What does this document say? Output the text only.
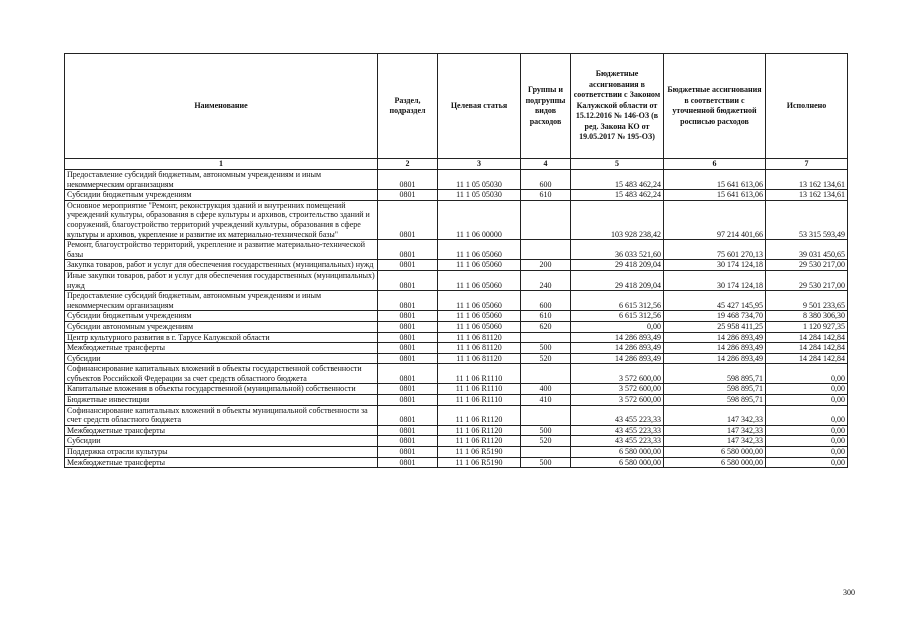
Наименование	Раздел, подраздел	Целевая статья	Группы и подгруппы видов расходов	Бюджетные ассигнования в соответствии с Законом Калужской области от 15.12.2016 № 146-ОЗ (в ред. Закона КО от 19.05.2017 № 195-ОЗ)	Бюджетные ассигнования в соответствии с уточненной бюджетной росписью расходов	Исполнено
1	2	3	4	5	6	7
Предоставление субсидий бюджетным, автономным учреждениям и иным некоммерческим организациям	0801	11 1 05 05030	600	15 483 462,24	15 641 613,06	13 162 134,61
Субсидии бюджетным учреждениям	0801	11 1 05 05030	610	15 483 462,24	15 641 613,06	13 162 134,61
Основное мероприятие "Ремонт, реконструкция зданий и внутренних помещений учреждений культуры, образования в сфере культуры и архивов, строительство зданий и сооружений, благоустройство территорий учреждений культуры, образования в сфере культуры и архивов, укрепление и развитие их материально-технической базы"	0801	11 1 06 00000		103 928 238,42	97 214 401,66	53 315 593,49
Ремонт, благоустройство территорий, укрепление и развитие материально-технической базы	0801	11 1 06 05060		36 033 521,60	75 601 270,13	39 031 450,65
Закупка товаров, работ и услуг для обеспечения государственных (муниципальных) нужд	0801	11 1 06 05060	200	29 418 209,04	30 174 124,18	29 530 217,00
Иные закупки товаров, работ и услуг для обеспечения государственных (муниципальных) нужд	0801	11 1 06 05060	240	29 418 209,04	30 174 124,18	29 530 217,00
Предоставление субсидий бюджетным, автономным учреждениям и иным некоммерческим организациям	0801	11 1 06 05060	600	6 615 312,56	45 427 145,95	9 501 233,65
Субсидии бюджетным учреждениям	0801	11 1 06 05060	610	6 615 312,56	19 468 734,70	8 380 306,30
Субсидии автономным учреждениям	0801	11 1 06 05060	620	0,00	25 958 411,25	1 120 927,35
Центр культурного развития в г. Тарусе Калужской области	0801	11 1 06 81120		14 286 893,49	14 286 893,49	14 284 142,84
Межбюджетные трансферты	0801	11 1 06 81120	500	14 286 893,49	14 286 893,49	14 284 142,84
Субсидии	0801	11 1 06 81120	520	14 286 893,49	14 286 893,49	14 284 142,84
Софинансирование капитальных вложений в объекты государственной собственности субъектов Российской Федерации за счет средств областного бюджета	0801	11 1 06 R1110		3 572 600,00	598 895,71	0,00
Капитальные вложения в объекты государственной (муниципальной) собственности	0801	11 1 06 R1110	400	3 572 600,00	598 895,71	0,00
Бюджетные инвестиции	0801	11 1 06 R1110	410	3 572 600,00	598 895,71	0,00
Софинансирование капитальных вложений в объекты муниципальной собственности за счет средств областного бюджета	0801	11 1 06 R1120		43 455 223,33	147 342,33	0,00
Межбюджетные трансферты	0801	11 1 06 R1120	500	43 455 223,33	147 342,33	0,00
Субсидии	0801	11 1 06 R1120	520	43 455 223,33	147 342,33	0,00
Поддержка отрасли культуры	0801	11 1 06 R5190		6 580 000,00	6 580 000,00	0,00
Межбюджетные трансферты	0801	11 1 06 R5190	500	6 580 000,00	6 580 000,00	0,00
300
